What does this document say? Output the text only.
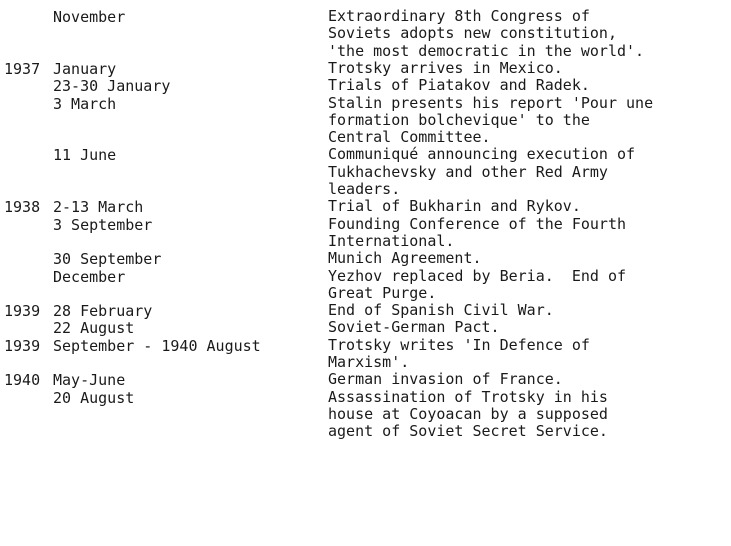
November	Extraordinary 8th Congress of
Soviets adopts new constitution,
'the most democratic in the world'.
1937 January	Trotsky arrives in Mexico.
23-30 January	Trials of Piatakov and Radek.
3 March	Stalin presents his report 'Pour une
formation bolchevique' to the
Central Committee.
11 June	Communiqué announcing execution of
Tukhachevsky and other Red Army
leaders.
1938 2-13 March	Trial of Bukharin and Rykov.
3 September	Founding Conference of the Fourth
International.
30 September	Munich Agreement.
December	Yezhov replaced by Beria.  End of
Great Purge.
1939 28 February	End of Spanish Civil War.
22 August	Soviet-German Pact.
1939 September - 1940 August	Trotsky writes 'In Defence of
Marxism'.
1940 May-June	German invasion of France.
20 August	Assassination of Trotsky in his
house at Coyoacan by a supposed
agent of Soviet Secret Service.
